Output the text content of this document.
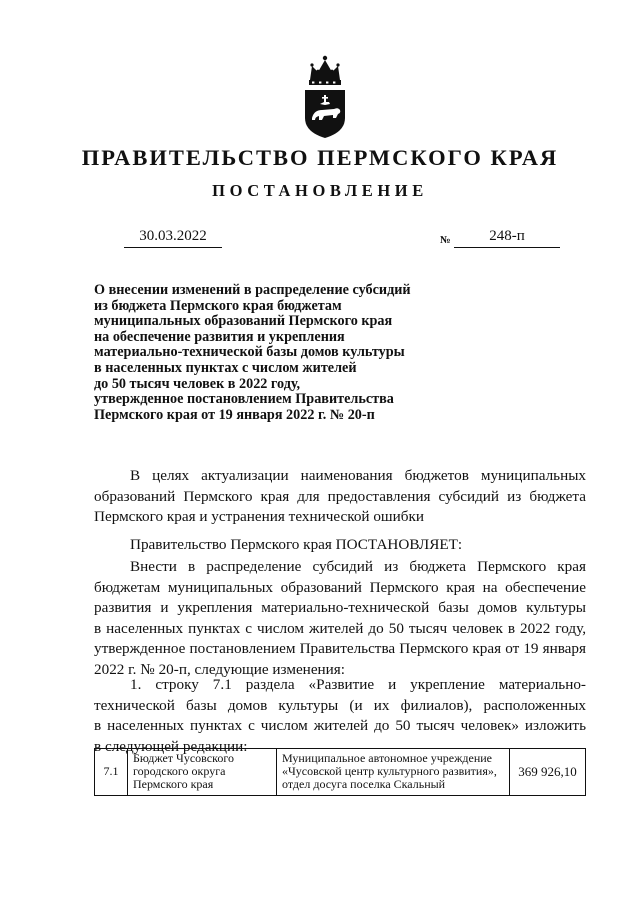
ПРАВИТЕЛЬСТВО ПЕРМСКОГО КРАЯ
ПОСТАНОВЛЕНИЕ
30.03.2022	№	248-п
О внесении изменений в распределение субсидий
из бюджета Пермского края бюджетам
муниципальных образований Пермского края
на обеспечение развития и укрепления
материально-технической базы домов культуры
в населенных пунктах с числом жителей
до 50 тысяч человек в 2022 году,
утвержденное постановлением Правительства
Пермского края от 19 января 2022 г. № 20-п
В целях актуализации наименования бюджетов муниципальных
образований Пермского края для предоставления субсидий из бюджета
Пермского края и устранения технической ошибки
Правительство Пермского края ПОСТАНОВЛЯЕТ:
Внести в распределение субсидий из бюджета Пермского края
бюджетам муниципальных образований Пермского края на обеспечение
развития и укрепления материально-технической базы домов культуры
в населенных пунктах с числом жителей до 50 тысяч человек в 2022 году,
утвержденное постановлением Правительства Пермского края от 19 января
2022 г. № 20-п, следующие изменения:
1. строку 7.1 раздела «Развитие и укрепление материально-
технической базы домов культуры (и их филиалов), расположенных
в населенных пунктах с числом жителей до 50 тысяч человек» изложить
в следующей редакции:
7.1	Бюджет Чусовского городского округа Пермского края	Муниципальное автономное учреждение «Чусовской центр культурного развития», отдел досуга поселка Скальный	369 926,10
